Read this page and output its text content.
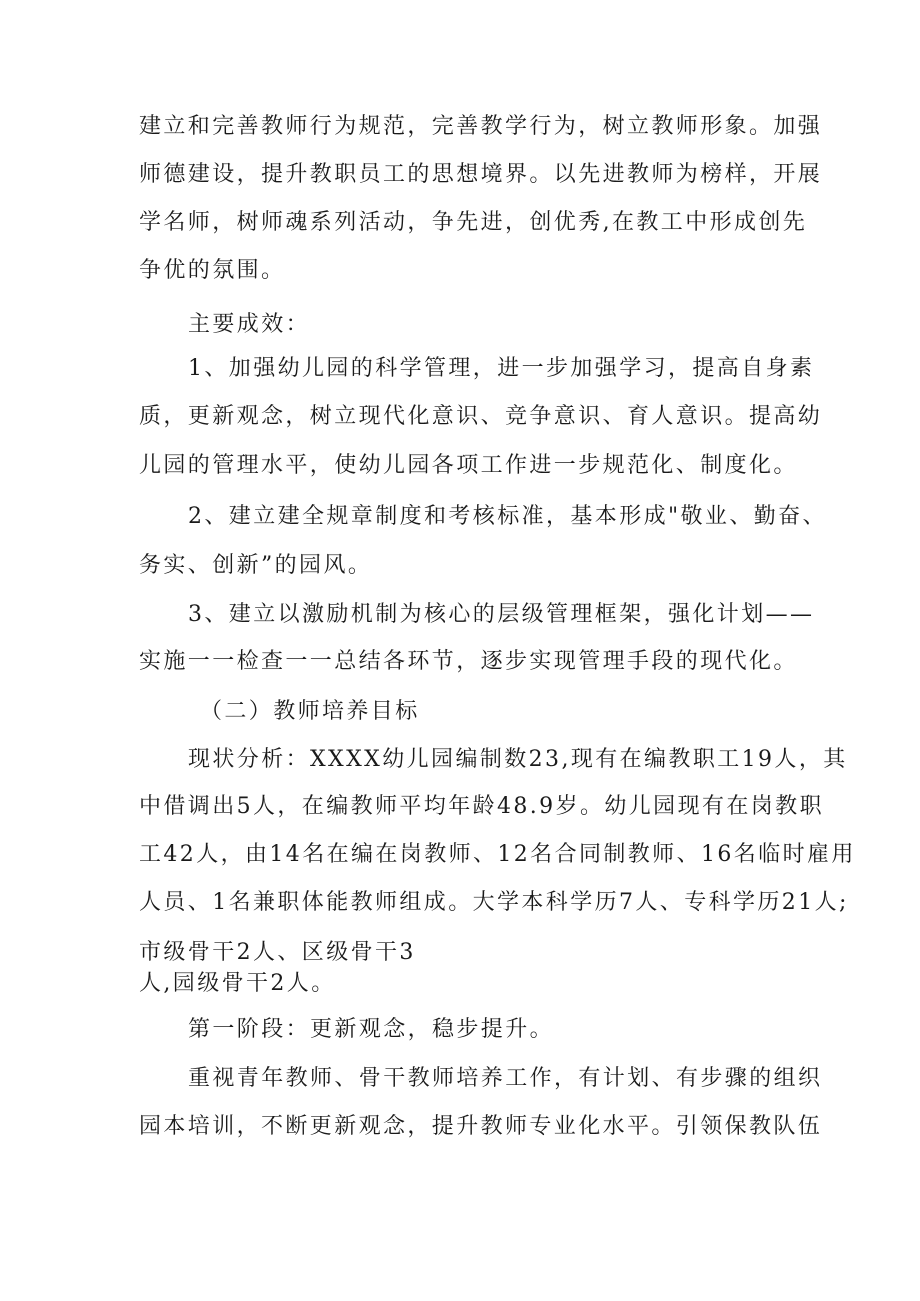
建立和完善教师行为规范，完善教学行为，树立教师形象。加强
师德建设，提升教职员工的思想境界。以先进教师为榜样，开展
学名师，树师魂系列活动，争先进，创优秀,在教工中形成创先
争优的氛围。
主要成效：
1、加强幼儿园的科学管理，进一步加强学习，提高自身素
质，更新观念，树立现代化意识、竞争意识、育人意识。提高幼
儿园的管理水平，使幼儿园各项工作进一步规范化、制度化。
2、建立建全规章制度和考核标准，基本形成"敬业、勤奋、
务实、创新”的园风。
3、建立以激励机制为核心的层级管理框架，强化计划——
实施一一检查一一总结各环节，逐步实现管理手段的现代化。
（二）教师培养目标
现状分析：XXXX幼儿园编制数23,现有在编教职工19人，其
中借调出5人，在编教师平均年龄48.9岁。幼儿园现有在岗教职
工42人，由14名在编在岗教师、12名合同制教师、16名临时雇用
人员、1名兼职体能教师组成。大学本科学历7人、专科学历21人;
市级骨干2人、区级骨干3
人,园级骨干2人。
第一阶段：更新观念，稳步提升。
重视青年教师、骨干教师培养工作，有计划、有步骤的组织
园本培训，不断更新观念，提升教师专业化水平。引领保教队伍
